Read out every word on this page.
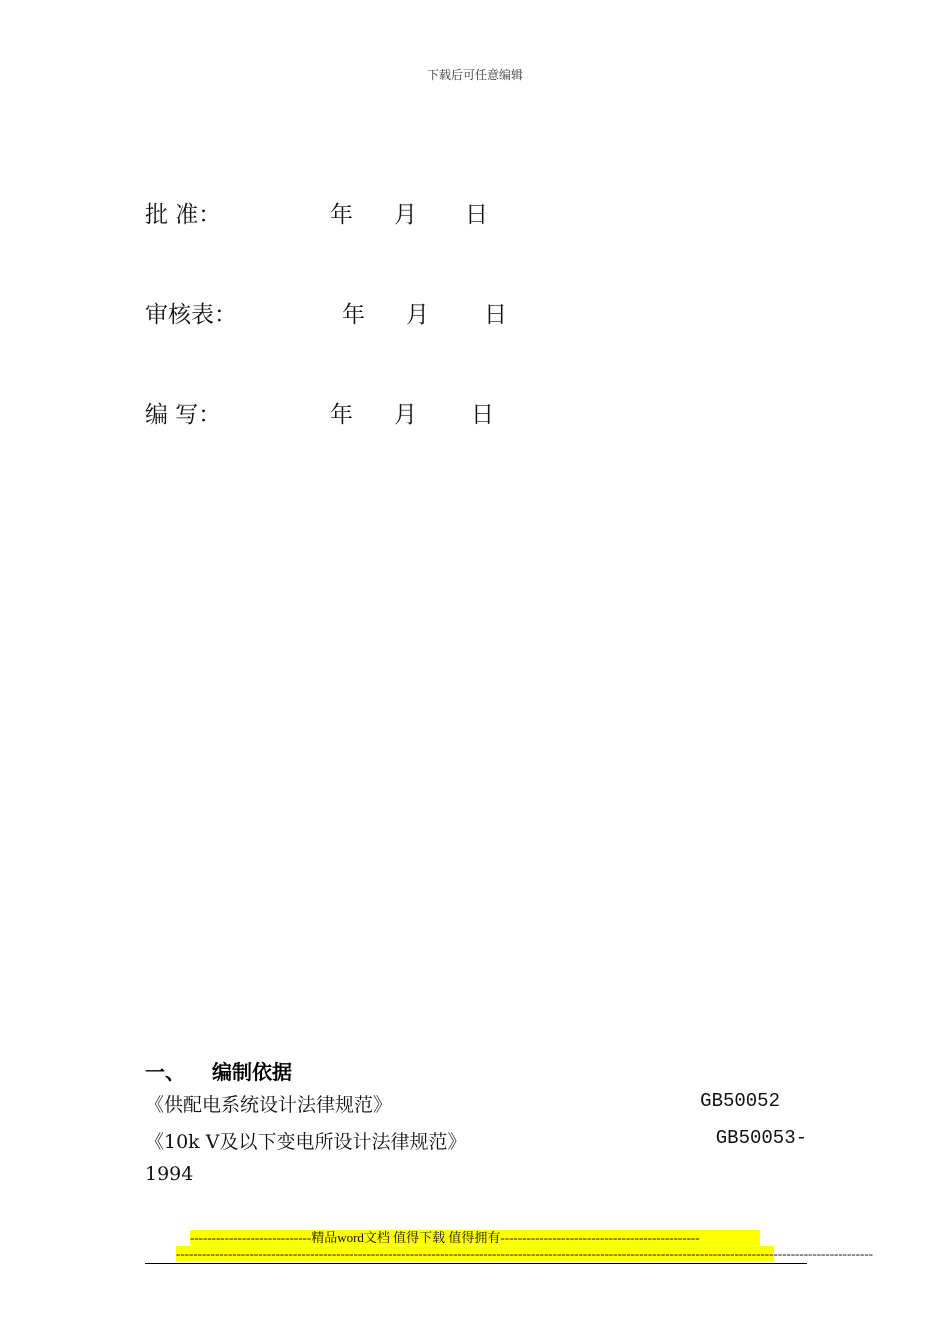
下载后可任意编辑
批 准：	年 月 日
审核表：	年 月 日
编 写：	年 月 日
一、 编制依据
《供配电系统设计法律规范》	GB50052
《10k V及以下变电所设计法律规范》	GB50053-
1994
----------------------------精品word文档 值得下载 值得拥有----------------------------------------------
-----------------------------------------------------------------------------------------------------------------------------------------------------------------
